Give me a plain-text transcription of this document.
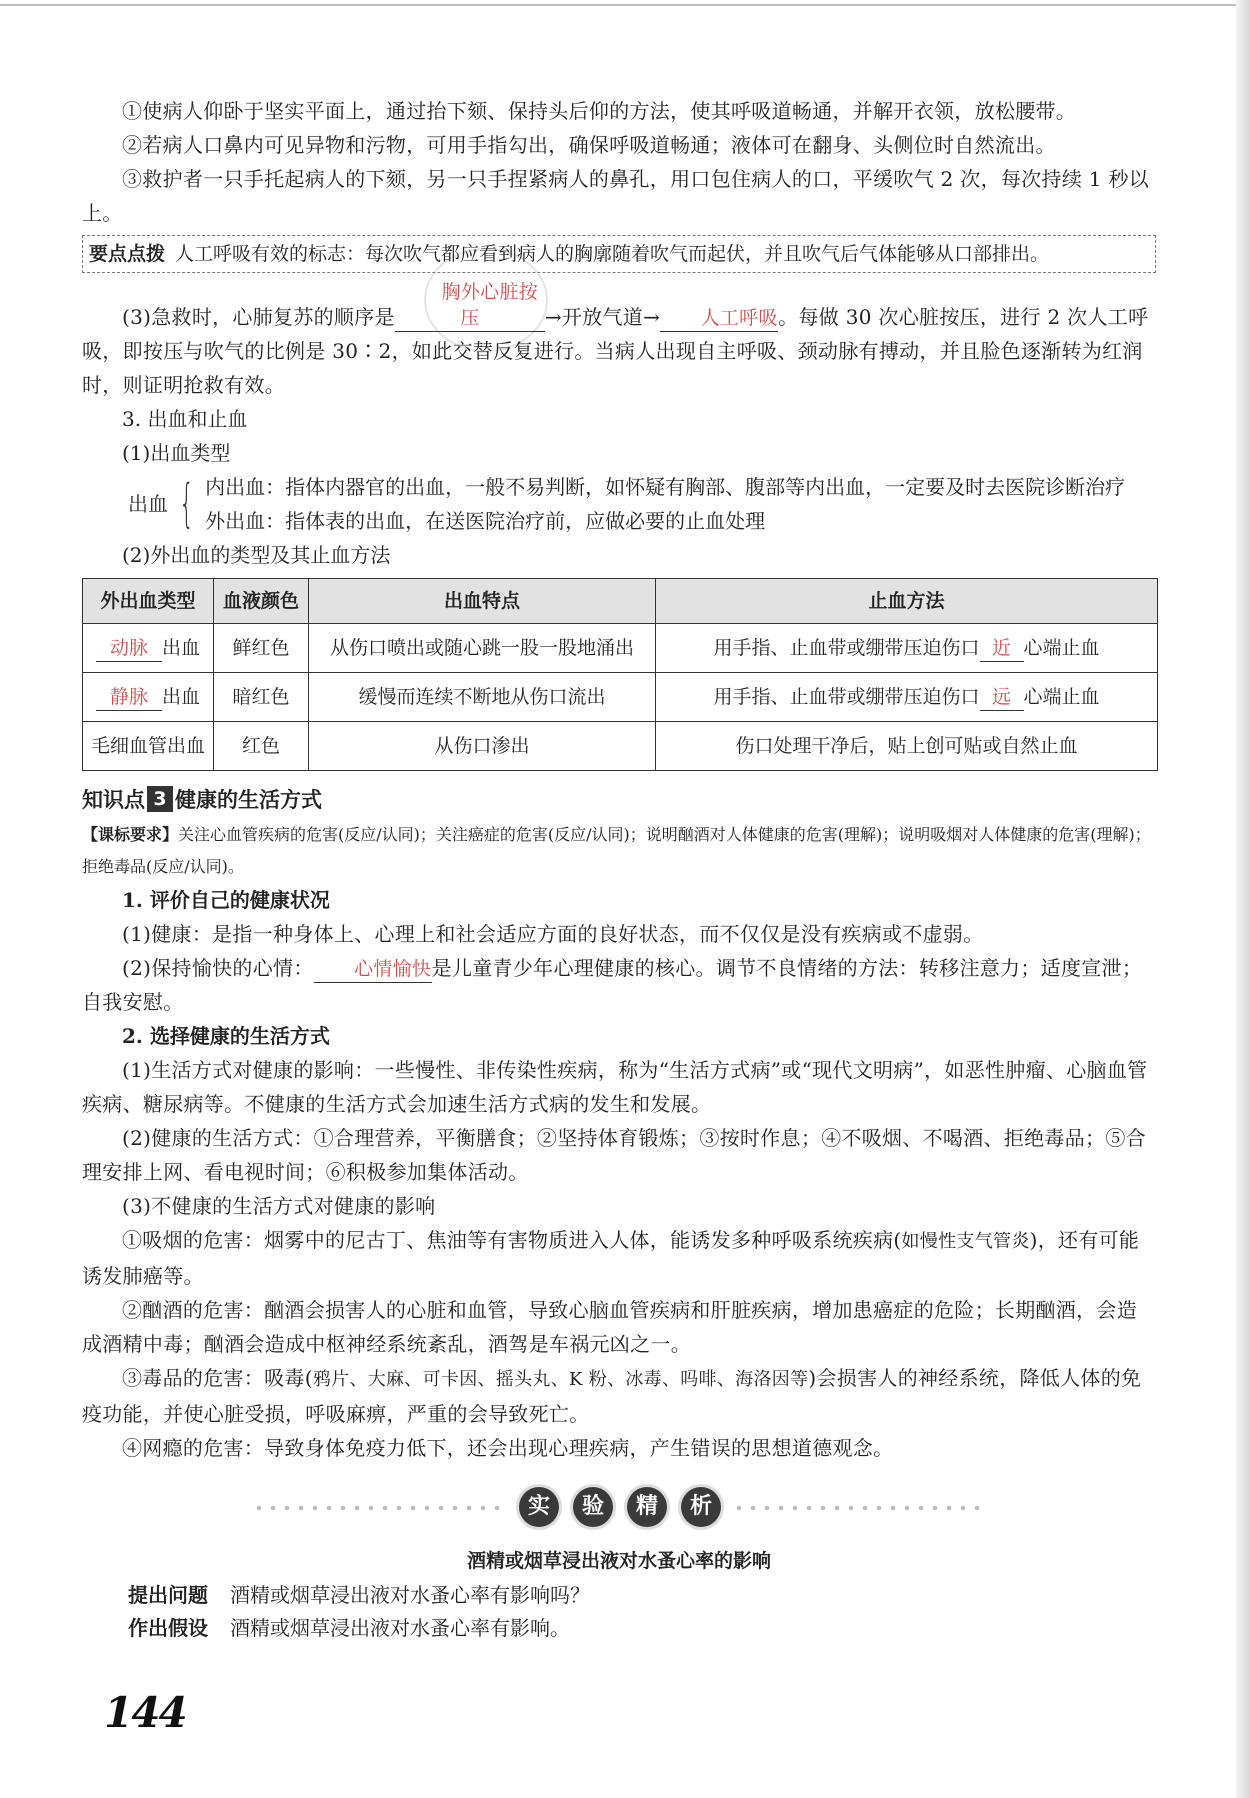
①使病人仰卧于坚实平面上，通过抬下颏、保持头后仰的方法，使其呼吸道畅通，并解开衣领，放松腰带。

②若病人口鼻内可见异物和污物，可用手指勾出，确保呼吸道畅通；液体可在翻身、头侧位时自然流出。

③救护者一只手托起病人的下颏，另一只手捏紧病人的鼻孔，用口包住病人的口，平缓吹气 2 次，每次持续 1 秒以上。

要点点拨 人工呼吸有效的标志：每次吹气都应看到病人的胸廓随着吹气而起伏，并且吹气后气体能够从口部排出。

(3)急救时，心肺复苏的顺序是胸外心脏按压	→开放气道→ 人工呼吸。每做 30 次心脏按压，进行 2 次人工呼吸，即按压与吹气的比例是 30∶2，如此交替反复进行。当病人出现自主呼吸、颈动脉有搏动，并且脸色逐渐转为红润时，则证明抢救有效。

3. 出血和止血

(1)出血类型

出血 { 内出血：指体内器官的出血，一般不易判断，如怀疑有胸部、腹部等内出血，一定要及时去医院诊断治疗
外出血：指体表的出血，在送医院治疗前，应做必要的止血处理

(2)外出血的类型及其止血方法

外出血类型	血液颜色	出血特点	止血方法
动脉 出血	鲜红色	从伤口喷出或随心跳一股一股地涌出	用手指、止血带或绷带压迫伤口 近 心端止血
静脉 出血	暗红色	缓慢而连续不断地从伤口流出	用手指、止血带或绷带压迫伤口 远 心端止血
毛细血管出血	红色	从伤口渗出	伤口处理干净后，贴上创可贴或自然止血

知识点 3 健康的生活方式

【课标要求】关注心血管疾病的危害(反应/认同)；关注癌症的危害(反应/认同)；说明酗酒对人体健康的危害(理解)；说明吸烟对人体健康的危害(理解)；拒绝毒品(反应/认同)。

1. 评价自己的健康状况

(1)健康：是指一种身体上、心理上和社会适应方面的良好状态，而不仅仅是没有疾病或不虚弱。

(2)保持愉快的心情： 心情愉快是儿童青少年心理健康的核心。调节不良情绪的方法：转移注意力；适度宣泄；自我安慰。

2. 选择健康的生活方式

(1)生活方式对健康的影响：一些慢性、非传染性疾病，称为“生活方式病”或“现代文明病”，如恶性肿瘤、心脑血管疾病、糖尿病等。不健康的生活方式会加速生活方式病的发生和发展。

(2)健康的生活方式：①合理营养，平衡膳食；②坚持体育锻炼；③按时作息；④不吸烟、不喝酒、拒绝毒品；⑤合理安排上网、看电视时间；⑥积极参加集体活动。

(3)不健康的生活方式对健康的影响

①吸烟的危害：烟雾中的尼古丁、焦油等有害物质进入人体，能诱发多种呼吸系统疾病(如慢性支气管炎)，还有可能诱发肺癌等。

②酗酒的危害：酗酒会损害人的心脏和血管，导致心脑血管疾病和肝脏疾病，增加患癌症的危险；长期酗酒，会造成酒精中毒；酗酒会造成中枢神经系统紊乱，酒驾是车祸元凶之一。

③毒品的危害：吸毒(鸦片、大麻、可卡因、摇头丸、K 粉、冰毒、吗啡、海洛因等)会损害人的神经系统，降低人体的免疫功能，并使心脏受损，呼吸麻痹，严重的会导致死亡。

④网瘾的危害：导致身体免疫力低下，还会出现心理疾病，产生错误的思想道德观念。

实	验	精	析

酒精或烟草浸出液对水蚤心率的影响

提出问题	酒精或烟草浸出液对水蚤心率有影响吗？
作出假设	酒精或烟草浸出液对水蚤心率有影响。
144
